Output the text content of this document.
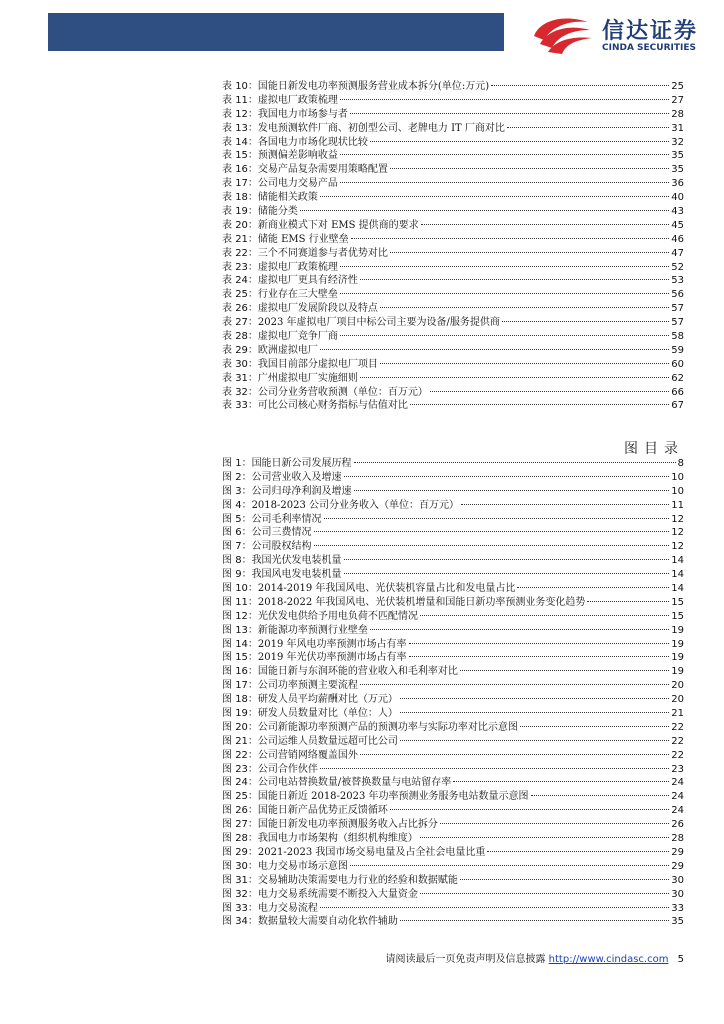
信达证券
CINDA SECURITIES
表 10：国能日新发电功率预测服务营业成本拆分(单位:万元)	25
表 11：虚拟电厂政策梳理	27
表 12：我国电力市场参与者	28
表 13：发电预测软件厂商、初创型公司、老牌电力 IT 厂商对比	31
表 14：各国电力市场化现状比较	32
表 15：预测偏差影响收益	35
表 16：交易产品复杂需要用策略配置	35
表 17：公司电力交易产品	36
表 18：储能相关政策	40
表 19：储能分类	43
表 20：新商业模式下对 EMS 提供商的要求	45
表 21：储能 EMS 行业壁垒	46
表 22：三个不同赛道参与者优势对比	47
表 23：虚拟电厂政策梳理	52
表 24：虚拟电厂更具有经济性	53
表 25：行业存在三大壁垒	56
表 26：虚拟电厂发展阶段以及特点	57
表 27：2023 年虚拟电厂项目中标公司主要为设备/服务提供商	57
表 28：虚拟电厂竞争厂商	58
表 29：欧洲虚拟电厂	59
表 30：我国目前部分虚拟电厂项目	60
表 31：广州虚拟电厂实施细则	62
表 32：公司分业务营收预测（单位：百万元）	66
表 33：可比公司核心财务指标与估值对比	67
图目录
图 1：国能日新公司发展历程	8
图 2：公司营业收入及增速	10
图 3：公司归母净利润及增速	10
图 4：2018-2023 公司分业务收入（单位：百万元）	11
图 5：公司毛利率情况	12
图 6：公司三费情况	12
图 7：公司股权结构	12
图 8：我国光伏发电装机量	14
图 9：我国风电发电装机量	14
图 10：2014-2019 年我国风电、光伏装机容量占比和发电量占比	14
图 11：2018-2022 年我国风电、光伏装机增量和国能日新功率预测业务变化趋势	15
图 12：光伏发电供给予用电负荷不匹配情况	15
图 13：新能源功率预测行业壁垒	19
图 14：2019 年风电功率预测市场占有率	19
图 15：2019 年光伏功率预测市场占有率	19
图 16：国能日新与东润环能的营业收入和毛利率对比	19
图 17：公司功率预测主要流程	20
图 18：研发人员平均薪酬对比（万元）	20
图 19：研发人员数量对比（单位：人）	21
图 20：公司新能源功率预测产品的预测功率与实际功率对比示意图	22
图 21：公司运维人员数量远超可比公司	22
图 22：公司营销网络覆盖国外	22
图 23：公司合作伙伴	23
图 24：公司电站替换数量/被替换数量与电站留存率	24
图 25：国能日新近 2018-2023 年功率预测业务服务电站数量示意图	24
图 26：国能日新产品优势正反馈循环	24
图 27：国能日新发电功率预测服务收入占比拆分	26
图 28：我国电力市场架构（组织机构维度）	28
图 29：2021-2023 我国市场交易电量及占全社会电量比重	29
图 30：电力交易市场示意图	29
图 31：交易辅助决策需要电力行业的经验和数据赋能	30
图 32：电力交易系统需要不断投入大量资金	30
图 33：电力交易流程	33
图 34：数据量较大需要自动化软件辅助	35
请阅读最后一页免责声明及信息披露 http://www.cindasc.com 5
